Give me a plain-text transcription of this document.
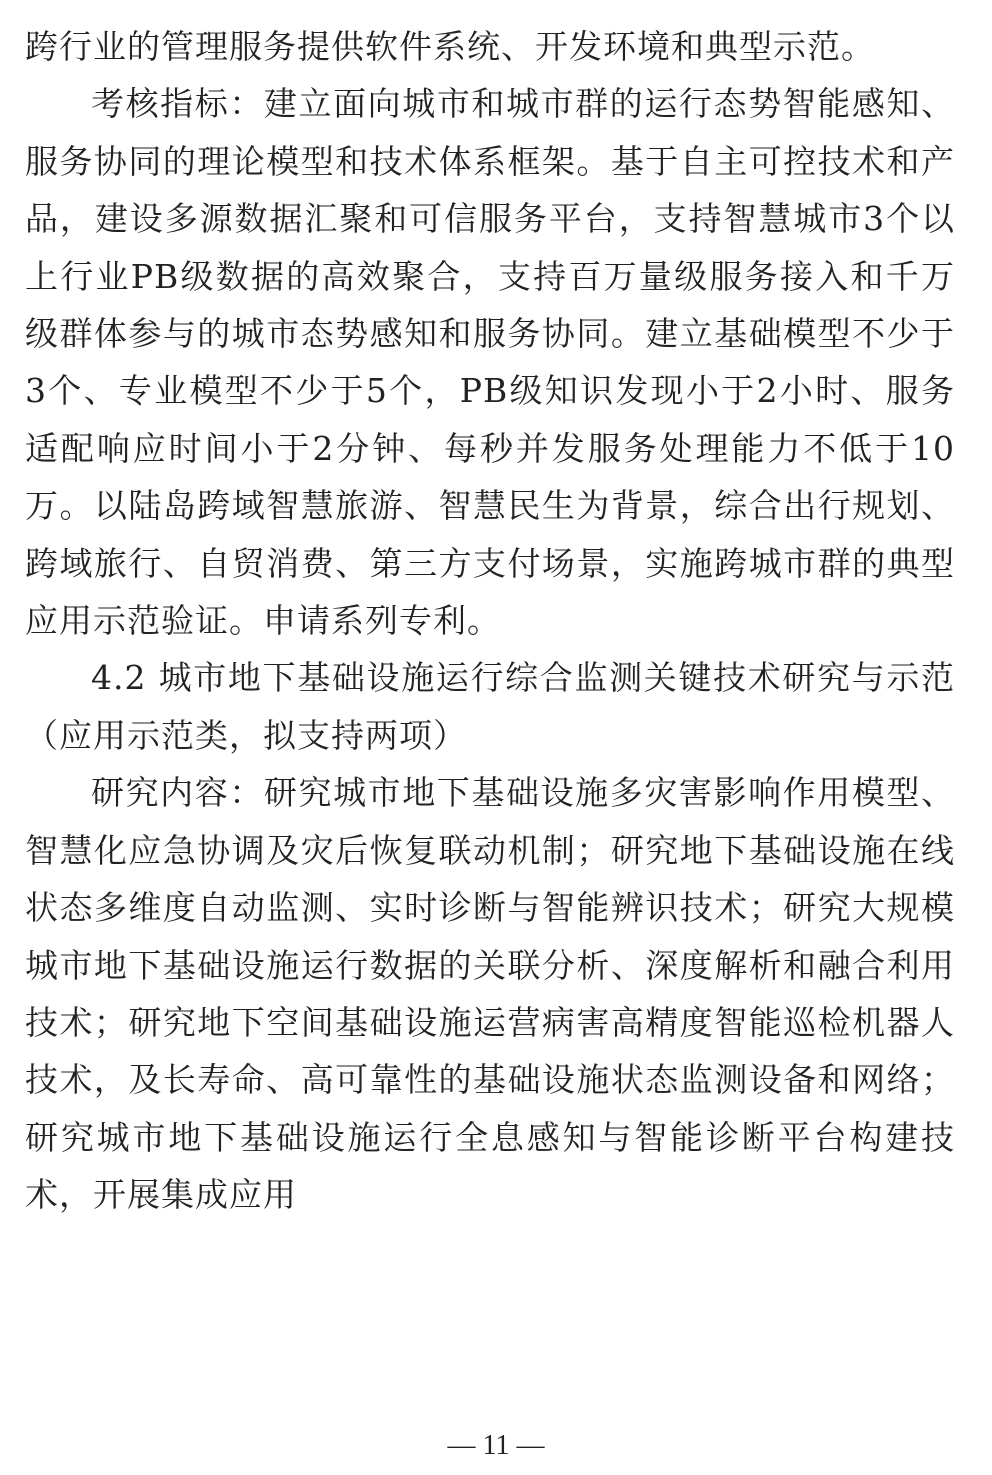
跨行业的管理服务提供软件系统、开发环境和典型示范。

考核指标：建立面向城市和城市群的运行态势智能感知、服务协同的理论模型和技术体系框架。基于自主可控技术和产品，建设多源数据汇聚和可信服务平台，支持智慧城市3个以上行业PB级数据的高效聚合，支持百万量级服务接入和千万级群体参与的城市态势感知和服务协同。建立基础模型不少于3个、专业模型不少于5个，PB级知识发现小于2小时、服务适配响应时间小于2分钟、每秒并发服务处理能力不低于10万。以陆岛跨域智慧旅游、智慧民生为背景，综合出行规划、跨域旅行、自贸消费、第三方支付场景，实施跨城市群的典型应用示范验证。申请系列专利。

4.2 城市地下基础设施运行综合监测关键技术研究与示范（应用示范类，拟支持两项）

研究内容：研究城市地下基础设施多灾害影响作用模型、智慧化应急协调及灾后恢复联动机制；研究地下基础设施在线状态多维度自动监测、实时诊断与智能辨识技术；研究大规模城市地下基础设施运行数据的关联分析、深度解析和融合利用技术；研究地下空间基础设施运营病害高精度智能巡检机器人技术，及长寿命、高可靠性的基础设施状态监测设备和网络；研究城市地下基础设施运行全息感知与智能诊断平台构建技术，开展集成应用

— 11 —
